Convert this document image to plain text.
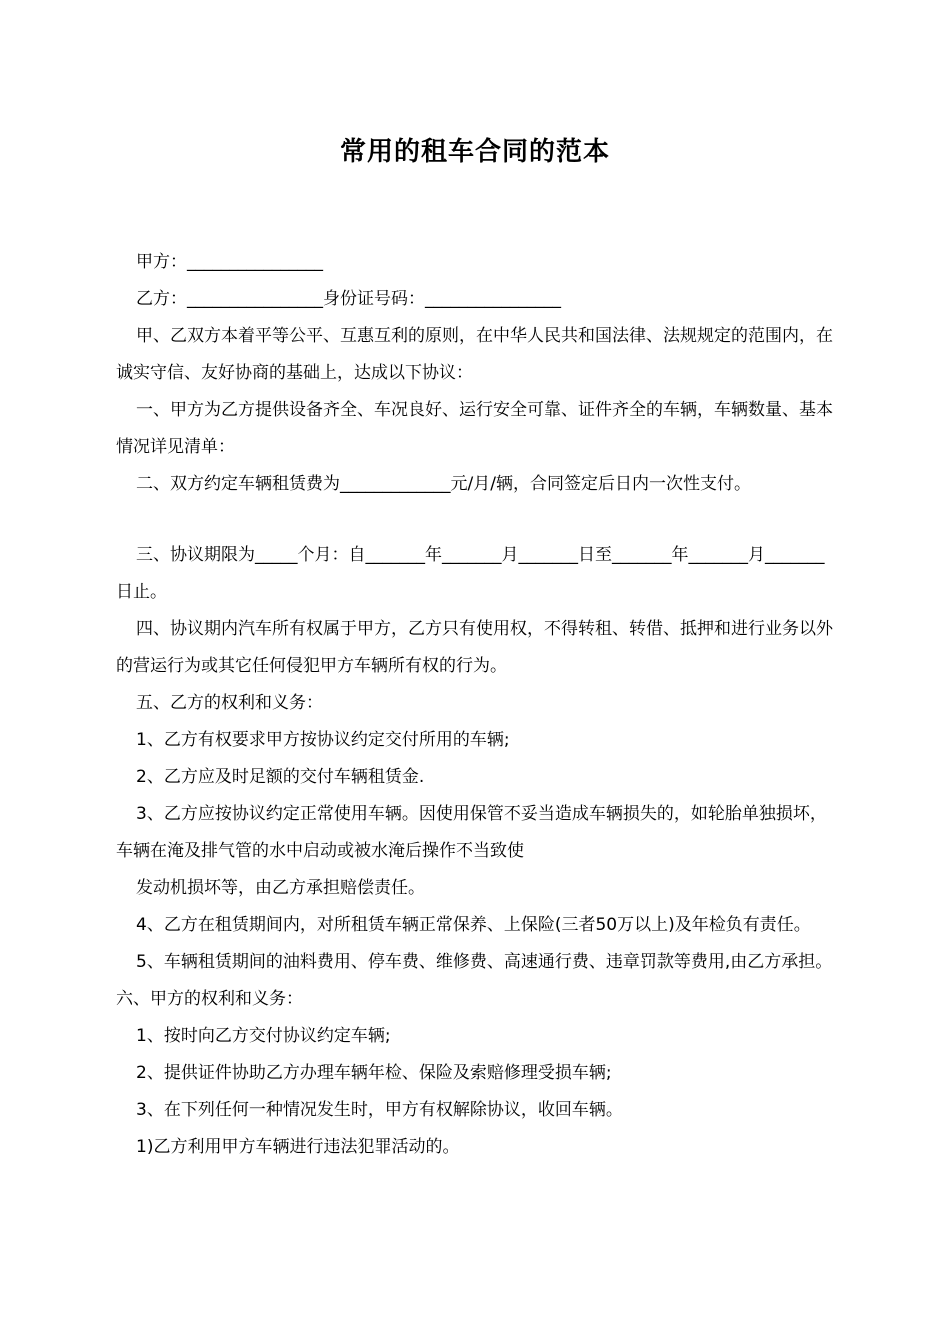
常用的租车合同的范本

甲方：________________

乙方：________________身份证号码：________________

甲、乙双方本着平等公平、互惠互利的原则，在中华人民共和国法律、法规规定的范围内，在诚实守信、友好协商的基础上，达成以下协议：

一、甲方为乙方提供设备齐全、车况良好、运行安全可靠、证件齐全的车辆，车辆数量、基本情况详见清单：

二、双方约定车辆租赁费为_____________元/月/辆，合同签定后日内一次性支付。

三、协议期限为_____个月：自_______年_______月_______日至_______年_______月_______日止。

四、协议期内汽车所有权属于甲方，乙方只有使用权，不得转租、转借、抵押和进行业务以外的营运行为或其它任何侵犯甲方车辆所有权的行为。

五、乙方的权利和义务：

1、乙方有权要求甲方按协议约定交付所用的车辆;

2、乙方应及时足额的交付车辆租赁金.

3、乙方应按协议约定正常使用车辆。因使用保管不妥当造成车辆损失的，如轮胎单独损坏，车辆在淹及排气管的水中启动或被水淹后操作不当致使

发动机损坏等，由乙方承担赔偿责任。

4、乙方在租赁期间内，对所租赁车辆正常保养、上保险(三者50万以上)及年检负有责任。

5、车辆租赁期间的油料费用、停车费、维修费、高速通行费、违章罚款等费用,由乙方承担。六、甲方的权利和义务：

1、按时向乙方交付协议约定车辆;

2、提供证件协助乙方办理车辆年检、保险及索赔修理受损车辆;

3、在下列任何一种情况发生时，甲方有权解除协议，收回车辆。

1)乙方利用甲方车辆进行违法犯罪活动的。
